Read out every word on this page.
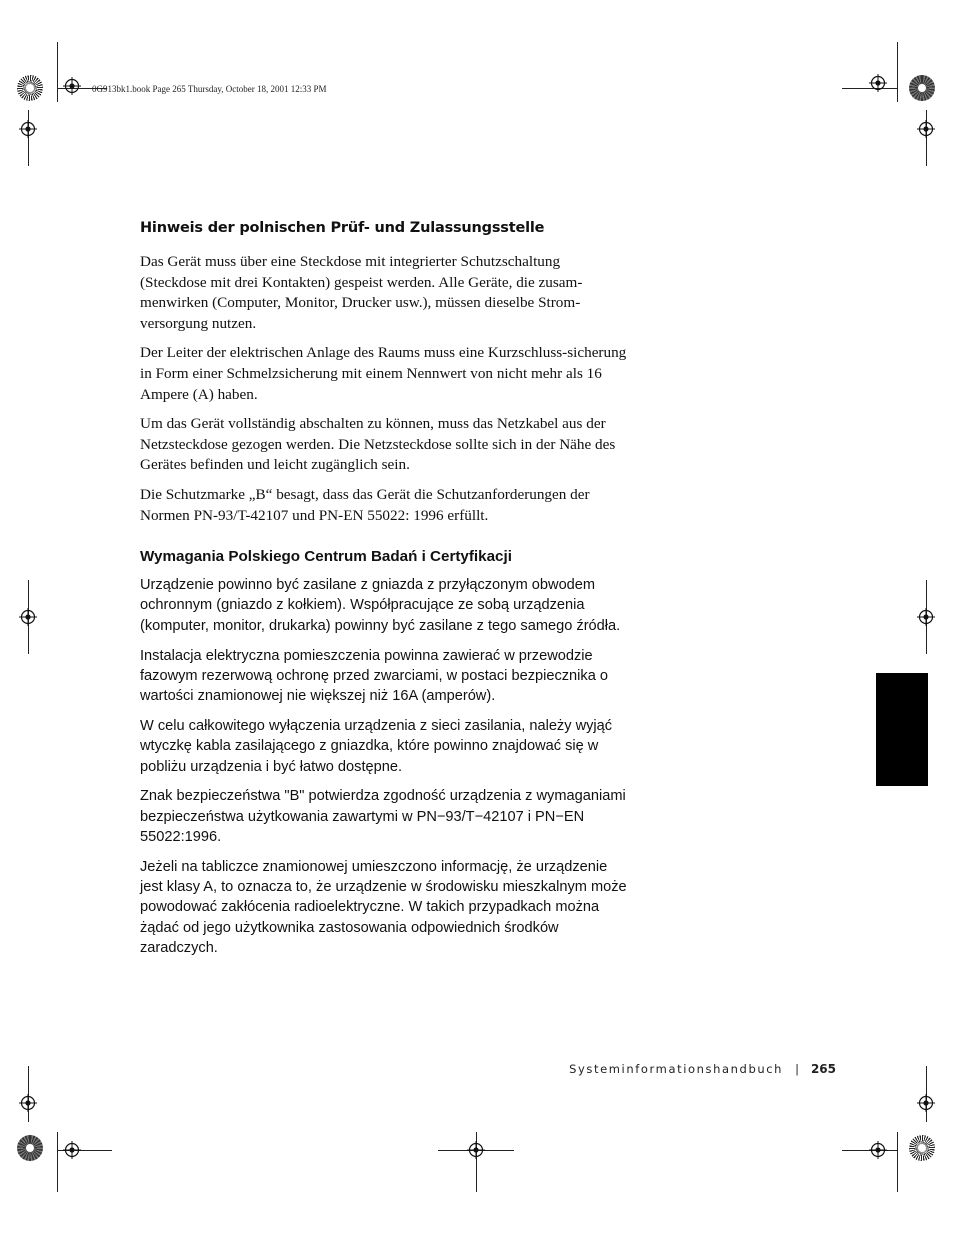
0G913bk1.book Page 265 Thursday, October 18, 2001 12:33 PM
Hinweis der polnischen Prüf- und Zulassungsstelle

Das Gerät muss über eine Steckdose mit integrierter Schutzschaltung (Steckdose mit drei Kontakten) gespeist werden. Alle Geräte, die zusam-menwirken (Computer, Monitor, Drucker usw.), müssen dieselbe Strom-versorgung nutzen.

Der Leiter der elektrischen Anlage des Raums muss eine Kurzschluss-sicherung in Form einer Schmelzsicherung mit einem Nennwert von nicht mehr als 16 Ampere (A) haben.

Um das Gerät vollständig abschalten zu können, muss das Netzkabel aus der Netzsteckdose gezogen werden. Die Netzsteckdose sollte sich in der Nähe des Gerätes befinden und leicht zugänglich sein.

Die Schutzmarke „B“ besagt, dass das Gerät die Schutzanforderungen der Normen PN-93/T-42107 und PN-EN 55022: 1996 erfüllt.

Wymagania Polskiego Centrum Badań i Certyfikacji

Urządzenie powinno być zasilane z gniazda z przyłączonym obwodem ochronnym (gniazdo z kołkiem). Współpracujące ze sobą urządzenia (komputer, monitor, drukarka) powinny być zasilane z tego samego źródła.

Instalacja elektryczna pomieszczenia powinna zawierać w przewodzie fazowym rezerwową ochronę przed zwarciami, w postaci bezpiecznika o wartości znamionowej nie większej niż 16A (amperów).

W celu całkowitego wyłączenia urządzenia z sieci zasilania, należy wyjąć wtyczkę kabla zasilającego z gniazdka, które powinno znajdować się w pobliżu urządzenia i być łatwo dostępne.

Znak bezpieczeństwa "B" potwierdza zgodność urządzenia z wymaganiami bezpieczeństwa użytkowania zawartymi w PN−93/T−42107 i PN−EN 55022:1996.

Jeżeli na tabliczce znamionowej umieszczono informację, że urządzenie jest klasy A, to oznacza to, że urządzenie w środowisku mieszkalnym może powodować zakłócenia radioelektryczne. W takich przypadkach można żądać od jego użytkownika zastosowania odpowiednich środków zaradczych.

Systeminformationshandbuch | 265
